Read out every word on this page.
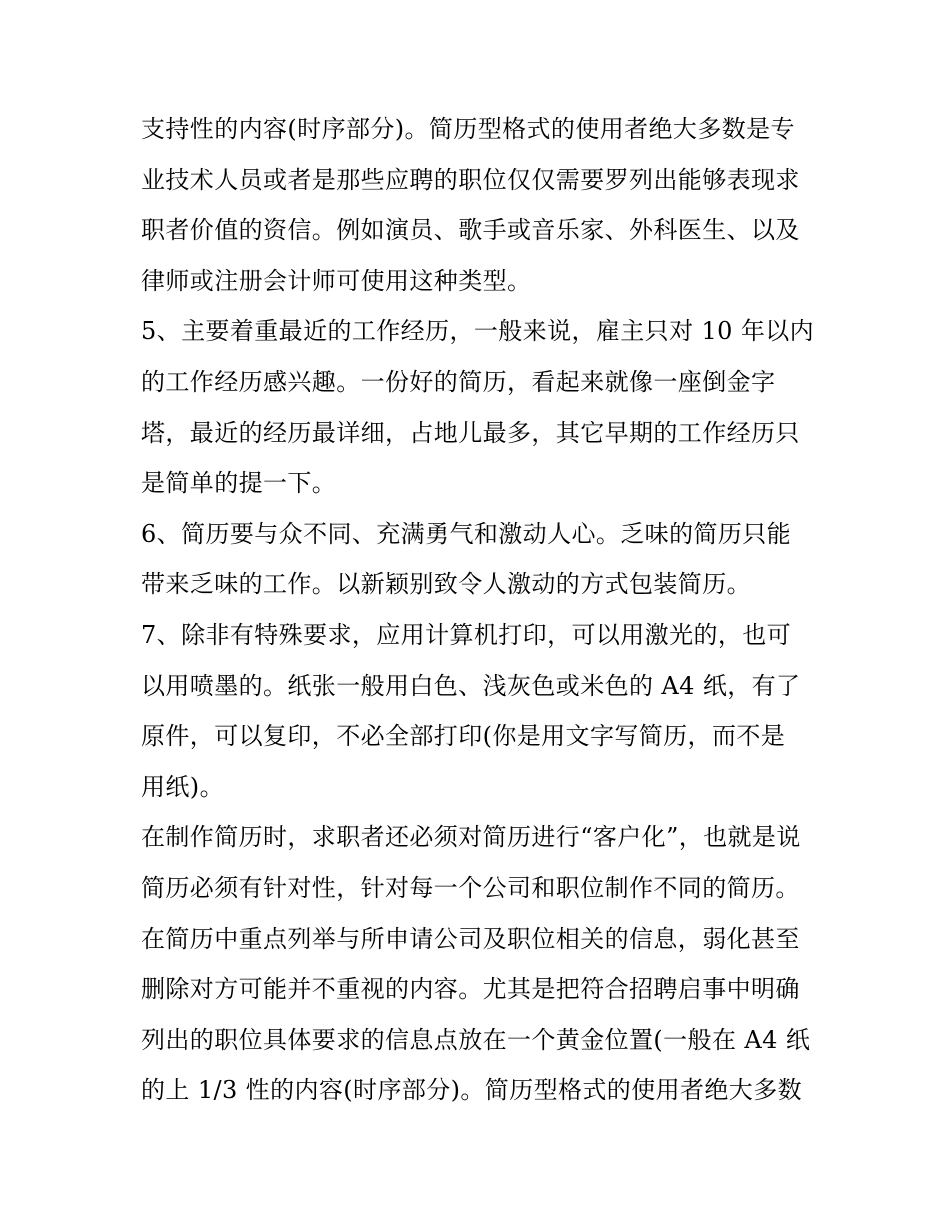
支持性的内容(时序部分)。简历型格式的使用者绝大多数是专
业技术人员或者是那些应聘的职位仅仅需要罗列出能够表现求
职者价值的资信。例如演员、歌手或音乐家、外科医生、以及
律师或注册会计师可使用这种类型。
5、主要着重最近的工作经历，一般来说，雇主只对 10 年以内
的工作经历感兴趣。一份好的简历，看起来就像一座倒金字
塔，最近的经历最详细，占地儿最多，其它早期的工作经历只
是简单的提一下。
6、简历要与众不同、充满勇气和激动人心。乏味的简历只能
带来乏味的工作。以新颖别致令人激动的方式包装简历。
7、除非有特殊要求，应用计算机打印，可以用激光的，也可
以用喷墨的。纸张一般用白色、浅灰色或米色的 A4 纸，有了
原件，可以复印，不必全部打印(你是用文字写简历，而不是
用纸)。
在制作简历时，求职者还必须对简历进行“客户化”，也就是说
简历必须有针对性，针对每一个公司和职位制作不同的简历。
在简历中重点列举与所申请公司及职位相关的信息，弱化甚至
删除对方可能并不重视的内容。尤其是把符合招聘启事中明确
列出的职位具体要求的信息点放在一个黄金位置(一般在 A4 纸
的上 1/3 性的内容(时序部分)。简历型格式的使用者绝大多数
